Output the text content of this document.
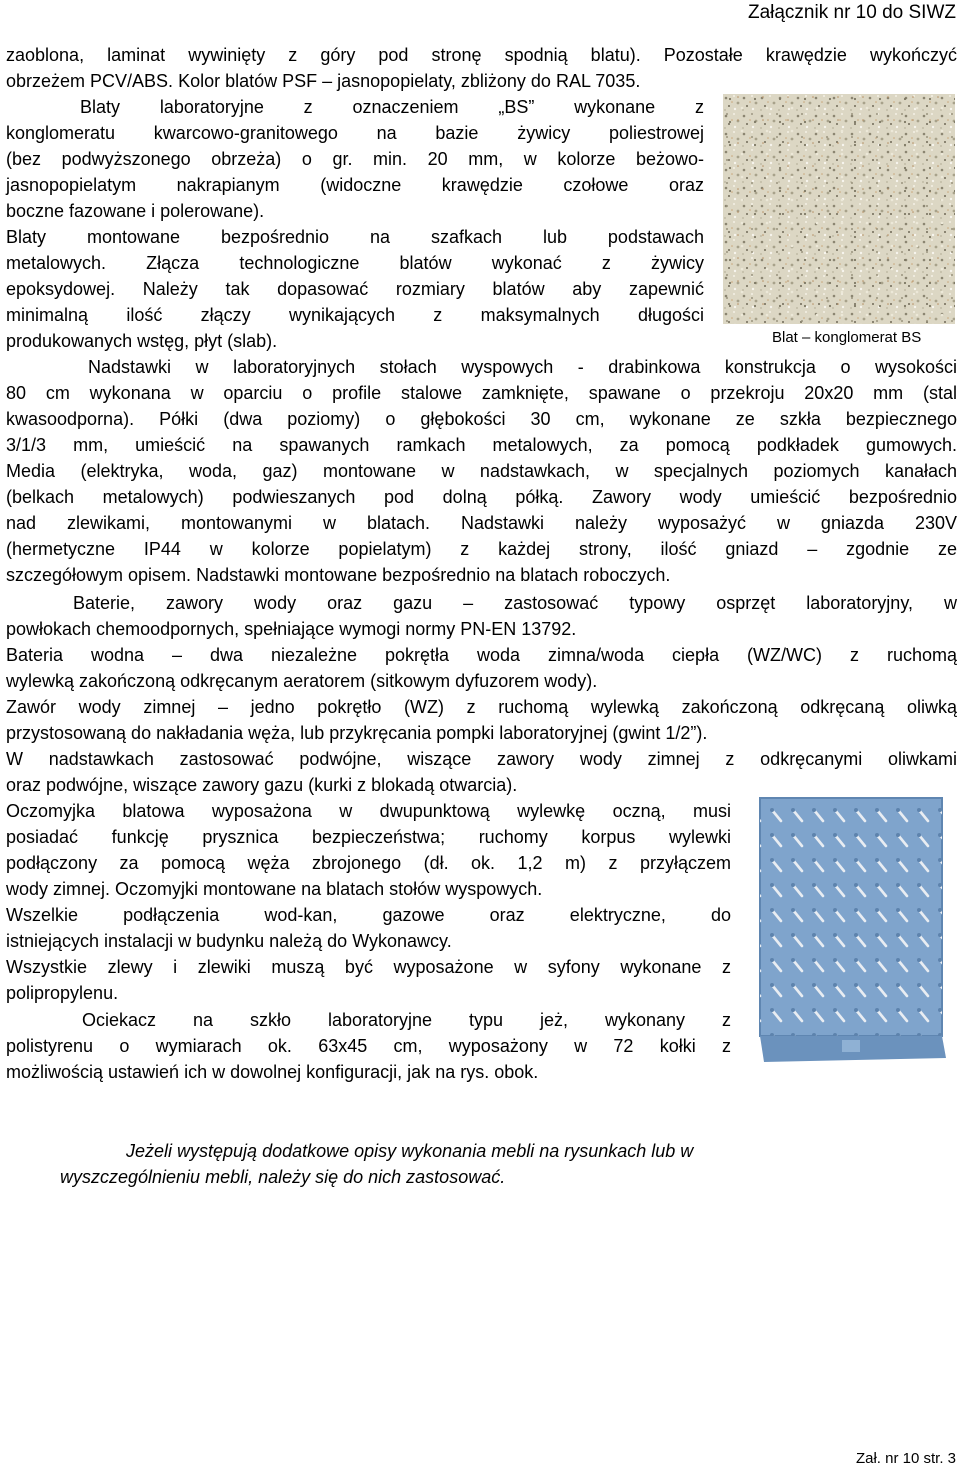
Załącznik nr 10 do SIWZ
zaoblona, laminat wywinięty z góry pod stronę spodnią blatu). Pozostałe krawędzie wykończyć
obrzeżem PCV/ABS. Kolor blatów PSF – jasnopopielaty, zbliżony do RAL 7035.
Blaty laboratoryjne z oznaczeniem „BS” wykonane z
konglomeratu kwarcowo-granitowego na bazie żywicy poliestrowej
(bez podwyższonego obrzeża) o gr. min. 20 mm, w kolorze beżowo-
jasnopopielatym nakrapianym (widoczne krawędzie czołowe oraz
boczne fazowane i polerowane).
Blaty montowane bezpośrednio na szafkach lub podstawach
metalowych. Złącza technologiczne blatów wykonać z żywicy
epoksydowej. Należy tak dopasować rozmiary blatów aby zapewnić
minimalną ilość złączy wynikających z maksymalnych długości
produkowanych wstęg, płyt (slab).
Nadstawki w laboratoryjnych stołach wyspowych - drabinkowa konstrukcja o wysokości
80 cm wykonana w oparciu o profile stalowe zamknięte, spawane o przekroju 20x20 mm (stal
kwasoodporna). Półki (dwa poziomy) o głębokości 30 cm, wykonane ze szkła bezpiecznego
3/1/3 mm, umieścić na spawanych ramkach metalowych, za pomocą podkładek gumowych.
Media (elektryka, woda, gaz) montowane w nadstawkach, w specjalnych poziomych kanałach
(belkach metalowych) podwieszanych pod dolną półką. Zawory wody umieścić bezpośrednio
nad zlewikami, montowanymi w blatach. Nadstawki należy wyposażyć w gniazda 230V
(hermetyczne IP44 w kolorze popielatym) z każdej strony, ilość gniazd – zgodnie ze
szczegółowym opisem. Nadstawki montowane bezpośrednio na blatach roboczych.
Baterie, zawory wody oraz gazu – zastosować typowy osprzęt laboratoryjny, w
powłokach chemoodpornych, spełniające wymogi normy PN-EN 13792.
Bateria wodna – dwa niezależne pokrętła woda zimna/woda ciepła (WZ/WC) z ruchomą
wylewką zakończoną odkręcanym aeratorem (sitkowym dyfuzorem wody).
Zawór wody zimnej – jedno pokrętło (WZ) z ruchomą wylewką zakończoną odkręcaną oliwką
przystosowaną do nakładania węża, lub przykręcania pompki laboratoryjnej (gwint 1/2”).
W nadstawkach zastosować podwójne, wiszące zawory wody zimnej z odkręcanymi oliwkami
oraz podwójne, wiszące zawory gazu (kurki z blokadą otwarcia).
Oczomyjka blatowa wyposażona w dwupunktową wylewkę oczną, musi
posiadać funkcję prysznica bezpieczeństwa; ruchomy korpus wylewki
podłączony za pomocą węża zbrojonego (dł. ok. 1,2 m) z przyłączem
wody zimnej. Oczomyjki montowane na blatach stołów wyspowych.
Wszelkie podłączenia wod-kan, gazowe oraz elektryczne, do
istniejących instalacji w budynku należą do Wykonawcy.
Wszystkie zlewy i zlewiki muszą być wyposażone w syfony wykonane z
polipropylenu.
Ociekacz na szkło laboratoryjne typu jeż, wykonany z
polistyrenu o wymiarach ok. 63x45 cm, wyposażony w 72 kołki z
możliwością ustawień ich w dowolnej konfiguracji, jak na rys. obok.
Jeżeli występują dodatkowe opisy wykonania mebli na rysunkach lub w
wyszczególnieniu mebli, należy się do nich zastosować.
Blat – konglomerat BS
Zał. nr 10 str. 3
